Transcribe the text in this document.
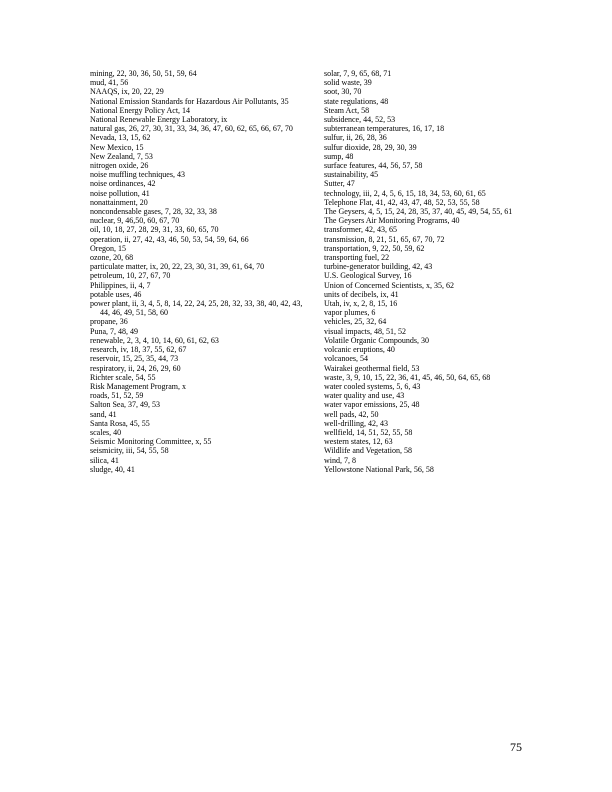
mining, 22, 30, 36, 50, 51, 59, 64
mud, 41, 56
NAAQS, ix, 20, 22, 29
National Emission Standards for Hazardous Air Pollutants, 35
National Energy Policy Act, 14
National Renewable Energy Laboratory, ix
natural gas, 26, 27, 30, 31, 33, 34, 36, 47, 60, 62, 65, 66, 67, 70
Nevada, 13, 15, 62
New Mexico, 15
New Zealand, 7, 53
nitrogen oxide, 26
noise muffling techniques, 43
noise ordinances, 42
noise pollution, 41
nonattainment, 20
noncondensable gases, 7, 28, 32, 33, 38
nuclear, 9, 46,50, 60, 67, 70
oil, 10, 18, 27, 28, 29, 31, 33, 60, 65, 70
operation, ii, 27, 42, 43, 46, 50, 53, 54, 59, 64, 66
Oregon, 15
ozone, 20, 68
particulate matter, ix, 20, 22, 23, 30, 31, 39, 61, 64, 70
petroleum, 10, 27, 67, 70
Philippines, ii, 4, 7
potable uses, 46
power plant, ii, 3, 4, 5, 8, 14, 22, 24, 25, 28, 32, 33, 38, 40, 42, 43, 44, 46, 49, 51, 58, 60
propane, 36
Puna, 7, 48, 49
renewable, 2, 3, 4, 10, 14, 60, 61, 62, 63
research, iv, 18, 37, 55, 62, 67
reservoir, 15, 25, 35, 44, 73
respiratory, ii, 24, 26, 29, 60
Richter scale, 54, 55
Risk Management Program, x
roads, 51, 52, 59
Salton Sea, 37, 49, 53
sand, 41
Santa Rosa, 45, 55
scales, 40
Seismic Monitoring Committee, x, 55
seismicity, iii, 54, 55, 58
silica, 41
sludge, 40, 41
solar, 7, 9, 65, 68, 71
solid waste, 39
soot, 30, 70
state regulations, 48
Steam Act, 58
subsidence, 44, 52, 53
subterranean temperatures, 16, 17, 18
sulfur, ii, 26, 28, 36
sulfur dioxide, 28, 29, 30, 39
sump, 48
surface features, 44, 56, 57, 58
sustainability, 45
Sutter, 47
technology, iii, 2, 4, 5, 6, 15, 18, 34, 53, 60, 61, 65
Telephone Flat, 41, 42, 43, 47, 48, 52, 53, 55, 58
The Geysers, 4, 5, 15, 24, 28, 35, 37, 40, 45, 49, 54, 55, 61
The Geysers Air Monitoring Programs, 40
transformer, 42, 43, 65
transmission, 8, 21, 51, 65, 67, 70, 72
transportation, 9, 22, 50, 59, 62
transporting fuel, 22
turbine-generator building, 42, 43
U.S. Geological Survey, 16
Union of Concerned Scientists, x, 35, 62
units of decibels, ix, 41
Utah, iv, x, 2, 8, 15, 16
vapor plumes, 6
vehicles, 25, 32, 64
visual impacts, 48, 51, 52
Volatile Organic Compounds, 30
volcanic eruptions, 40
volcanoes, 54
Wairakei geothermal field, 53
waste, 3, 9, 10, 15, 22, 36, 41, 45, 46, 50, 64, 65, 68
water cooled systems, 5, 6, 43
water quality and use, 43
water vapor emissions, 25, 48
well pads, 42, 50
well-drilling, 42, 43
wellfield, 14, 51, 52, 55, 58
western states, 12, 63
Wildlife and Vegetation, 58
wind, 7, 8
Yellowstone National Park, 56, 58
75
